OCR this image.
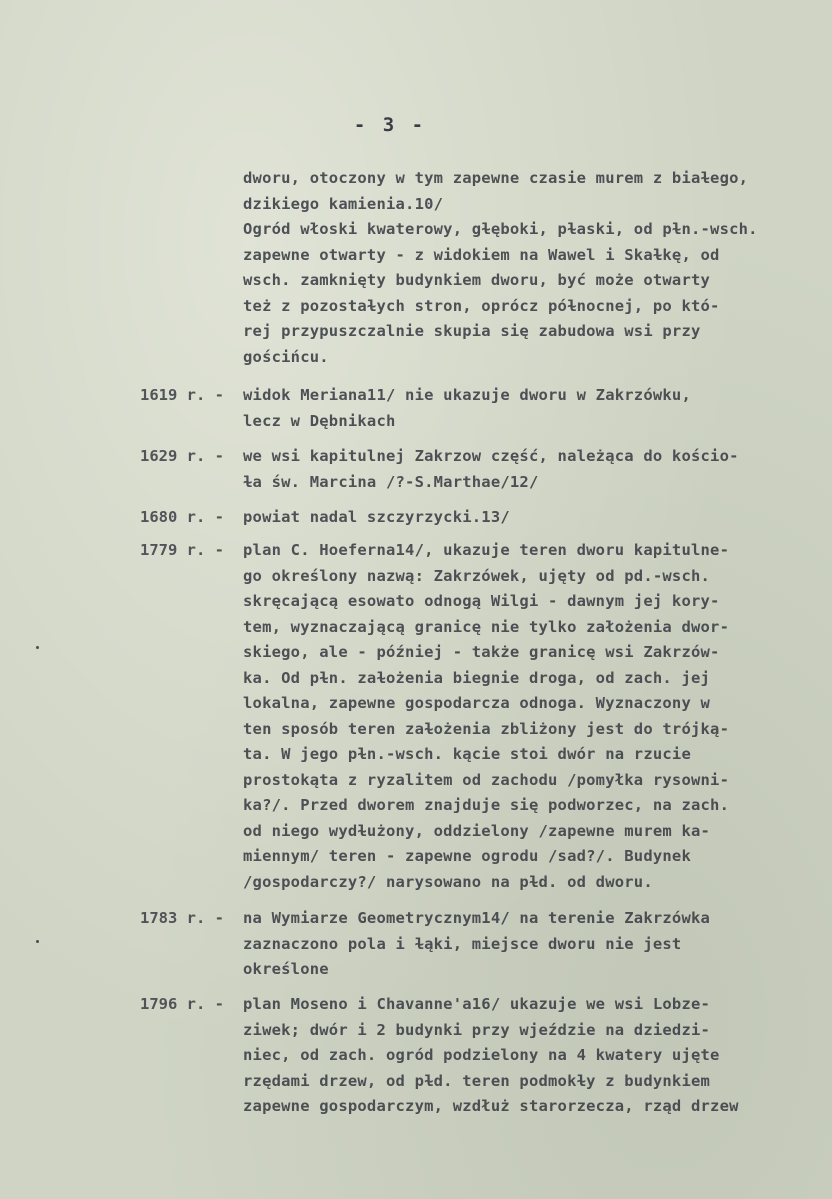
- 3 -
dworu, otoczony w tym zapewne czasie murem z biaɫego, dzikiego kamienia.10/
Ogród włoski kwaterowy, gɫęboki, pɫaski, od pɫn.-wsch.
zapewne otwarty - z widokiem na Wawel i Skaɫkę, od
wsch. zamknięty budynkiem dworu, być może otwarty
też z pozostaɫych stron, oprócz póɫnocnej, po któ-
rej przypuszczalnie skupia się zabudowa wsi przy
gościńcu.
1619 r. - widok Meriana11/ nie ukazuje dworu w Zakrzówku,
lecz w Dębnikach
1629 r. - we wsi kapitulnej Zakrzow część, należąca do kościo-
ɫa św. Marcina /?-S.Marthae/12/
1680 r. - powiat nadal szczyrzycki.13/
1779 r. - plan C. Hoeferna14/, ukazuje teren dworu kapitulne-
go określony nazwą: Zakrzówek, ujęty od pd.-wsch.
skręcającą esowato odnogą Wilgi - dawnym jej kory-
tem, wyznaczającą granicę nie tylko założenia dwor-
skiego, ale - później - także granicę wsi Zakrzów-
ka. Od pɫn. zaɫożenia biegnie droga, od zach. jej
lokalna, zapewne gospodarcza odnoga. Wyznaczony w
ten sposób teren zaɫożenia zbliżony jest do trójką-
ta. W jego pɫn.-wsch. kącie stoi dwór na rzucie
prostokąta z ryzalitem od zachodu /pomyłka rysowni-
ka?/. Przed dworem znajduje się podworzec, na zach.
od niego wydɫużony, oddzielony /zapewne murem ka-
miennym/ teren - zapewne ogrodu /sad?/. Budynek
/gospodarczy?/ narysowano na pɫd. od dworu.
1783 r. - na Wymiarze Geometrycznym14/ na terenie Zakrzówka
zaznaczono pola i ɫąki, miejsce dworu nie jest
określone
1796 r. - plan Moseno i Chavanne'a16/ ukazuje we wsi Lobze-
ziwek; dwór i 2 budynki przy wjeździe na dziedzi-
niec, od zach. ogród podzielony na 4 kwatery ujęte
rzędami drzew, od pɫd. teren podmokɫy z budynkiem
zapewne gospodarczym, wzdłuż starorzecza, rząd drzew
